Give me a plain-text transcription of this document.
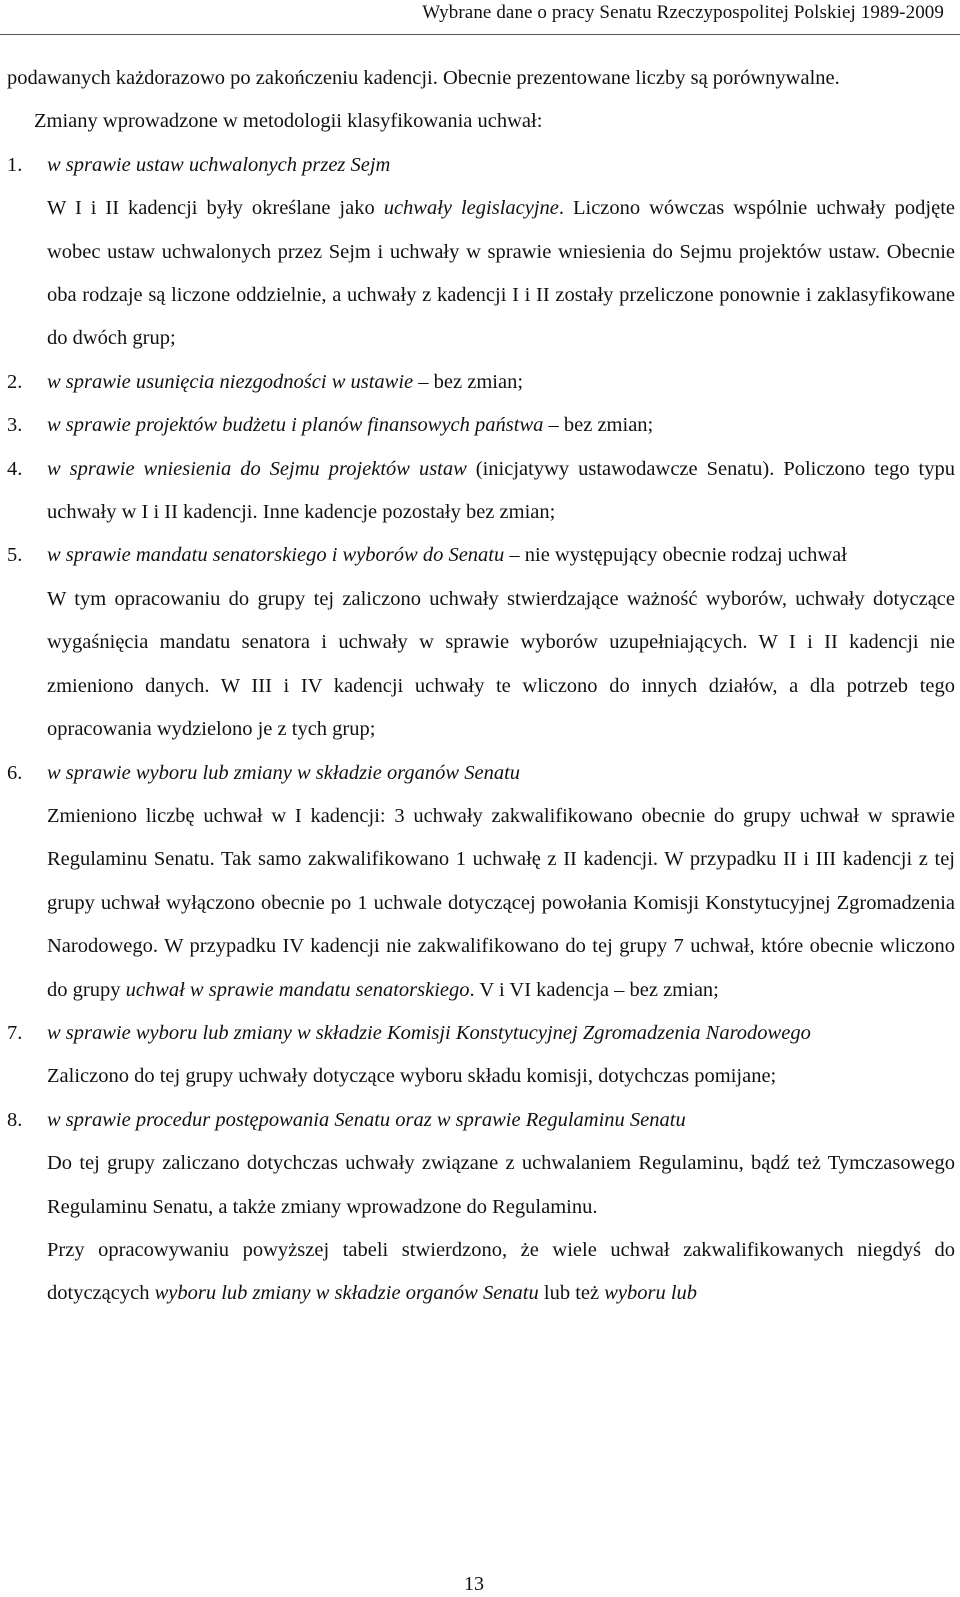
Wybrane dane o pracy Senatu Rzeczypospolitej Polskiej 1989-2009

podawanych każdorazowo po zakończeniu kadencji. Obecnie prezentowane liczby są porównywalne.

Zmiany wprowadzone w metodologii klasyfikowania uchwał:

1.	w sprawie ustaw uchwalonych przez Sejm

W I i II kadencji były określane jako uchwały legislacyjne. Liczono wówczas wspólnie uchwały podjęte wobec ustaw uchwalonych przez Sejm i uchwały w sprawie wniesienia do Sejmu projektów ustaw. Obecnie oba rodzaje są liczone oddzielnie, a uchwały z kadencji I i II zostały przeliczone ponownie i zaklasyfikowane do dwóch grup;

2.	w sprawie usunięcia niezgodności w ustawie – bez zmian;

3.	w sprawie projektów budżetu i planów finansowych państwa – bez zmian;

4.	w sprawie wniesienia do Sejmu projektów ustaw (inicjatywy ustawodawcze Senatu). Policzono tego typu uchwały w I i II kadencji. Inne kadencje pozostały bez zmian;

5.	w sprawie mandatu senatorskiego i wyborów do Senatu – nie występujący obecnie rodzaj uchwał

W tym opracowaniu do grupy tej zaliczono uchwały stwierdzające ważność wyborów, uchwały dotyczące wygaśnięcia mandatu senatora i uchwały w sprawie wyborów uzupełniających. W I i II kadencji nie zmieniono danych. W III i IV kadencji uchwały te wliczono do innych działów, a dla potrzeb tego opracowania wydzielono je z tych grup;

6.	w sprawie wyboru lub zmiany w składzie organów Senatu

Zmieniono liczbę uchwał w I kadencji: 3 uchwały zakwalifikowano obecnie do grupy uchwał w sprawie Regulaminu Senatu. Tak samo zakwalifikowano 1 uchwałę z II kadencji. W przypadku II i III kadencji z tej grupy uchwał wyłączono obecnie po 1 uchwale dotyczącej powołania Komisji Konstytucyjnej Zgromadzenia Narodowego. W przypadku IV kadencji nie zakwalifikowano do tej grupy 7 uchwał, które obecnie wliczono do grupy uchwał w sprawie mandatu senatorskiego. V i VI kadencja – bez zmian;

7.	w sprawie wyboru lub zmiany w składzie Komisji Konstytucyjnej Zgromadzenia Narodowego

Zaliczono do tej grupy uchwały dotyczące wyboru składu komisji, dotychczas pomijane;

8.	w sprawie procedur postępowania Senatu oraz w sprawie Regulaminu Senatu

Do tej grupy zaliczano dotychczas uchwały związane z uchwalaniem Regulaminu, bądź też Tymczasowego Regulaminu Senatu, a także zmiany wprowadzone do Regulaminu.

Przy opracowywaniu powyższej tabeli stwierdzono, że wiele uchwał zakwalifikowanych niegdyś do dotyczących wyboru lub zmiany w składzie organów Senatu lub też wyboru lub

13
